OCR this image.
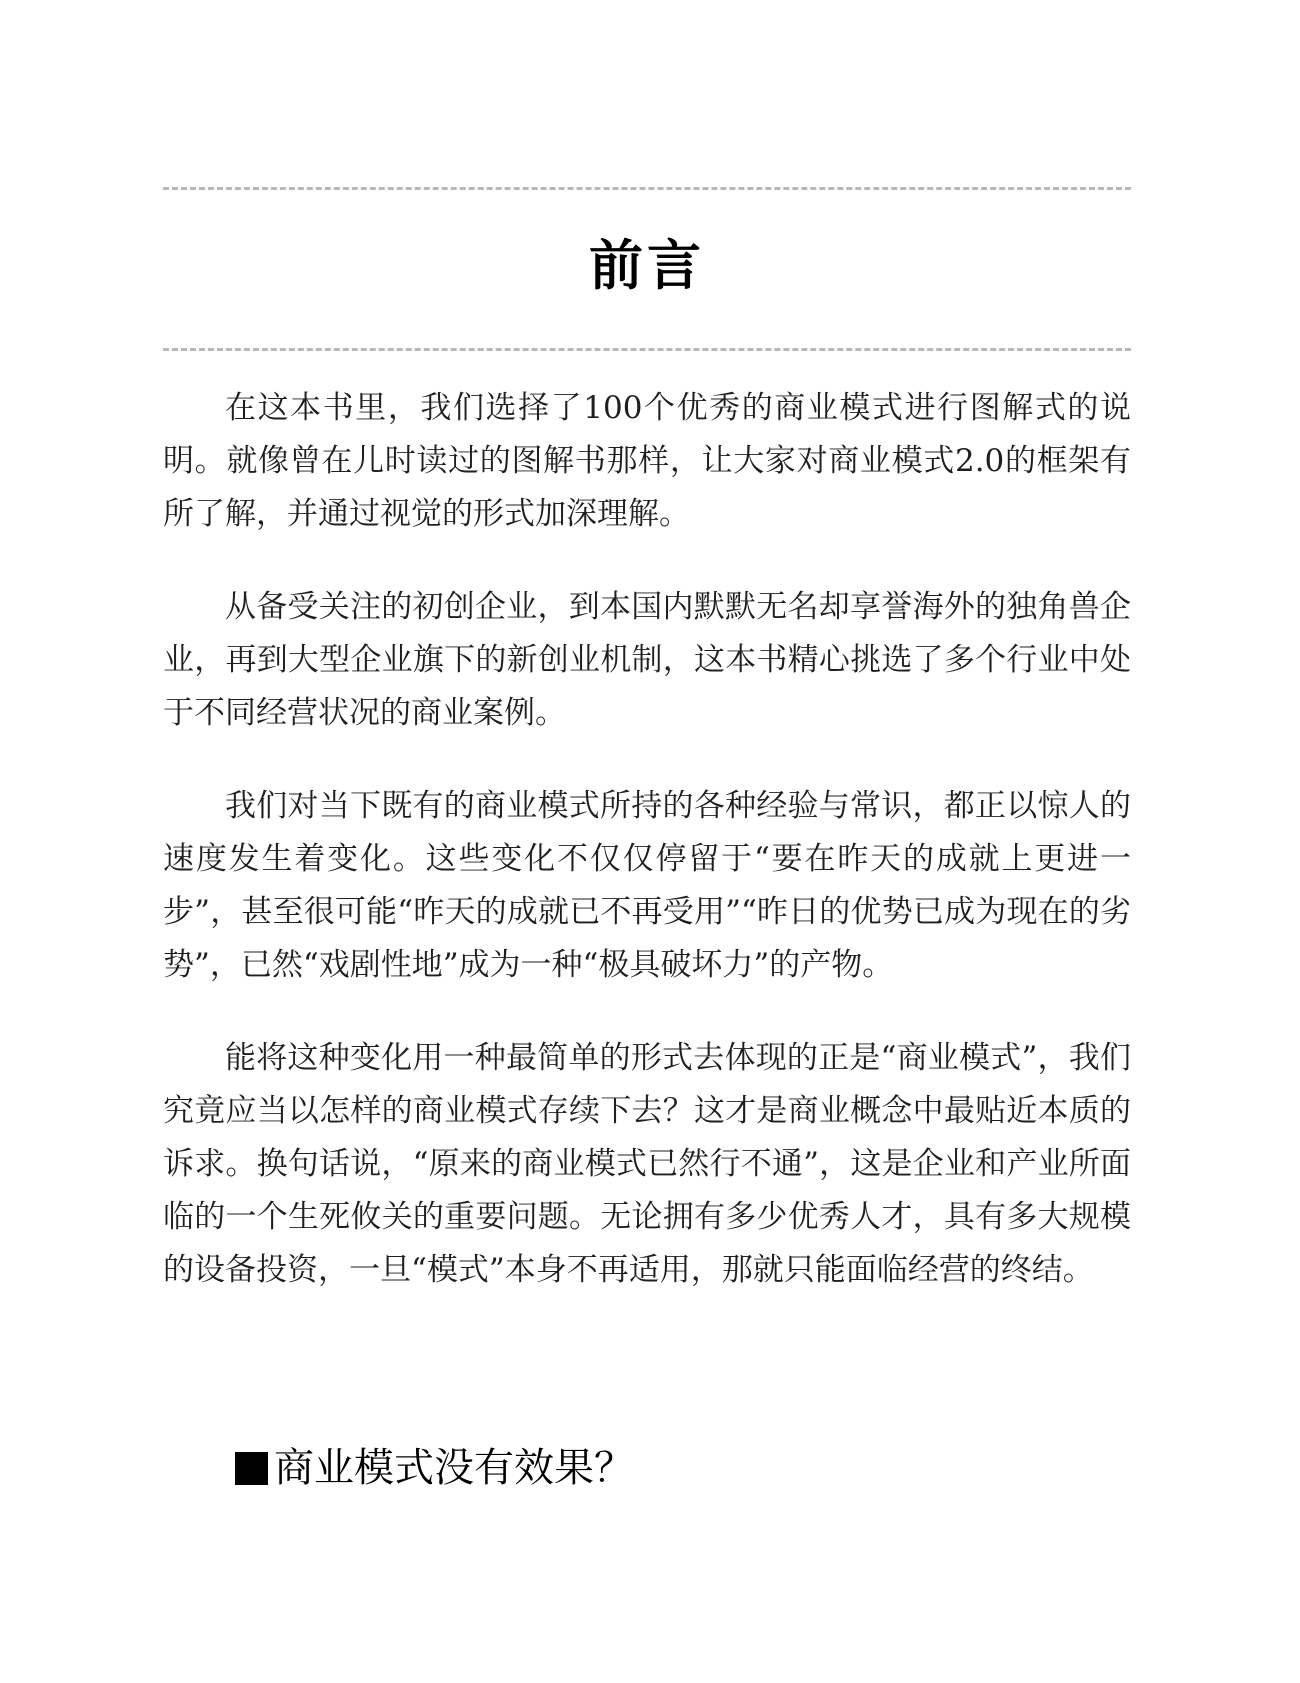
前言

在这本书里，我们选择了100个优秀的商业模式进行图解式的说明。就像曾在儿时读过的图解书那样，让大家对商业模式2.0的框架有所了解，并通过视觉的形式加深理解。

从备受关注的初创企业，到本国内默默无名却享誉海外的独角兽企业，再到大型企业旗下的新创业机制，这本书精心挑选了多个行业中处于不同经营状况的商业案例。

我们对当下既有的商业模式所持的各种经验与常识，都正以惊人的速度发生着变化。这些变化不仅仅停留于“要在昨天的成就上更进一步”，甚至很可能“昨天的成就已不再受用”“昨日的优势已成为现在的劣势”，已然“戏剧性地”成为一种“极具破坏力”的产物。

能将这种变化用一种最简单的形式去体现的正是“商业模式”，我们究竟应当以怎样的商业模式存续下去？这才是商业概念中最贴近本质的诉求。换句话说，“原来的商业模式已然行不通”，这是企业和产业所面临的一个生死攸关的重要问题。无论拥有多少优秀人才，具有多大规模的设备投资，一旦“模式”本身不再适用，那就只能面临经营的终结。

商业模式没有效果？
